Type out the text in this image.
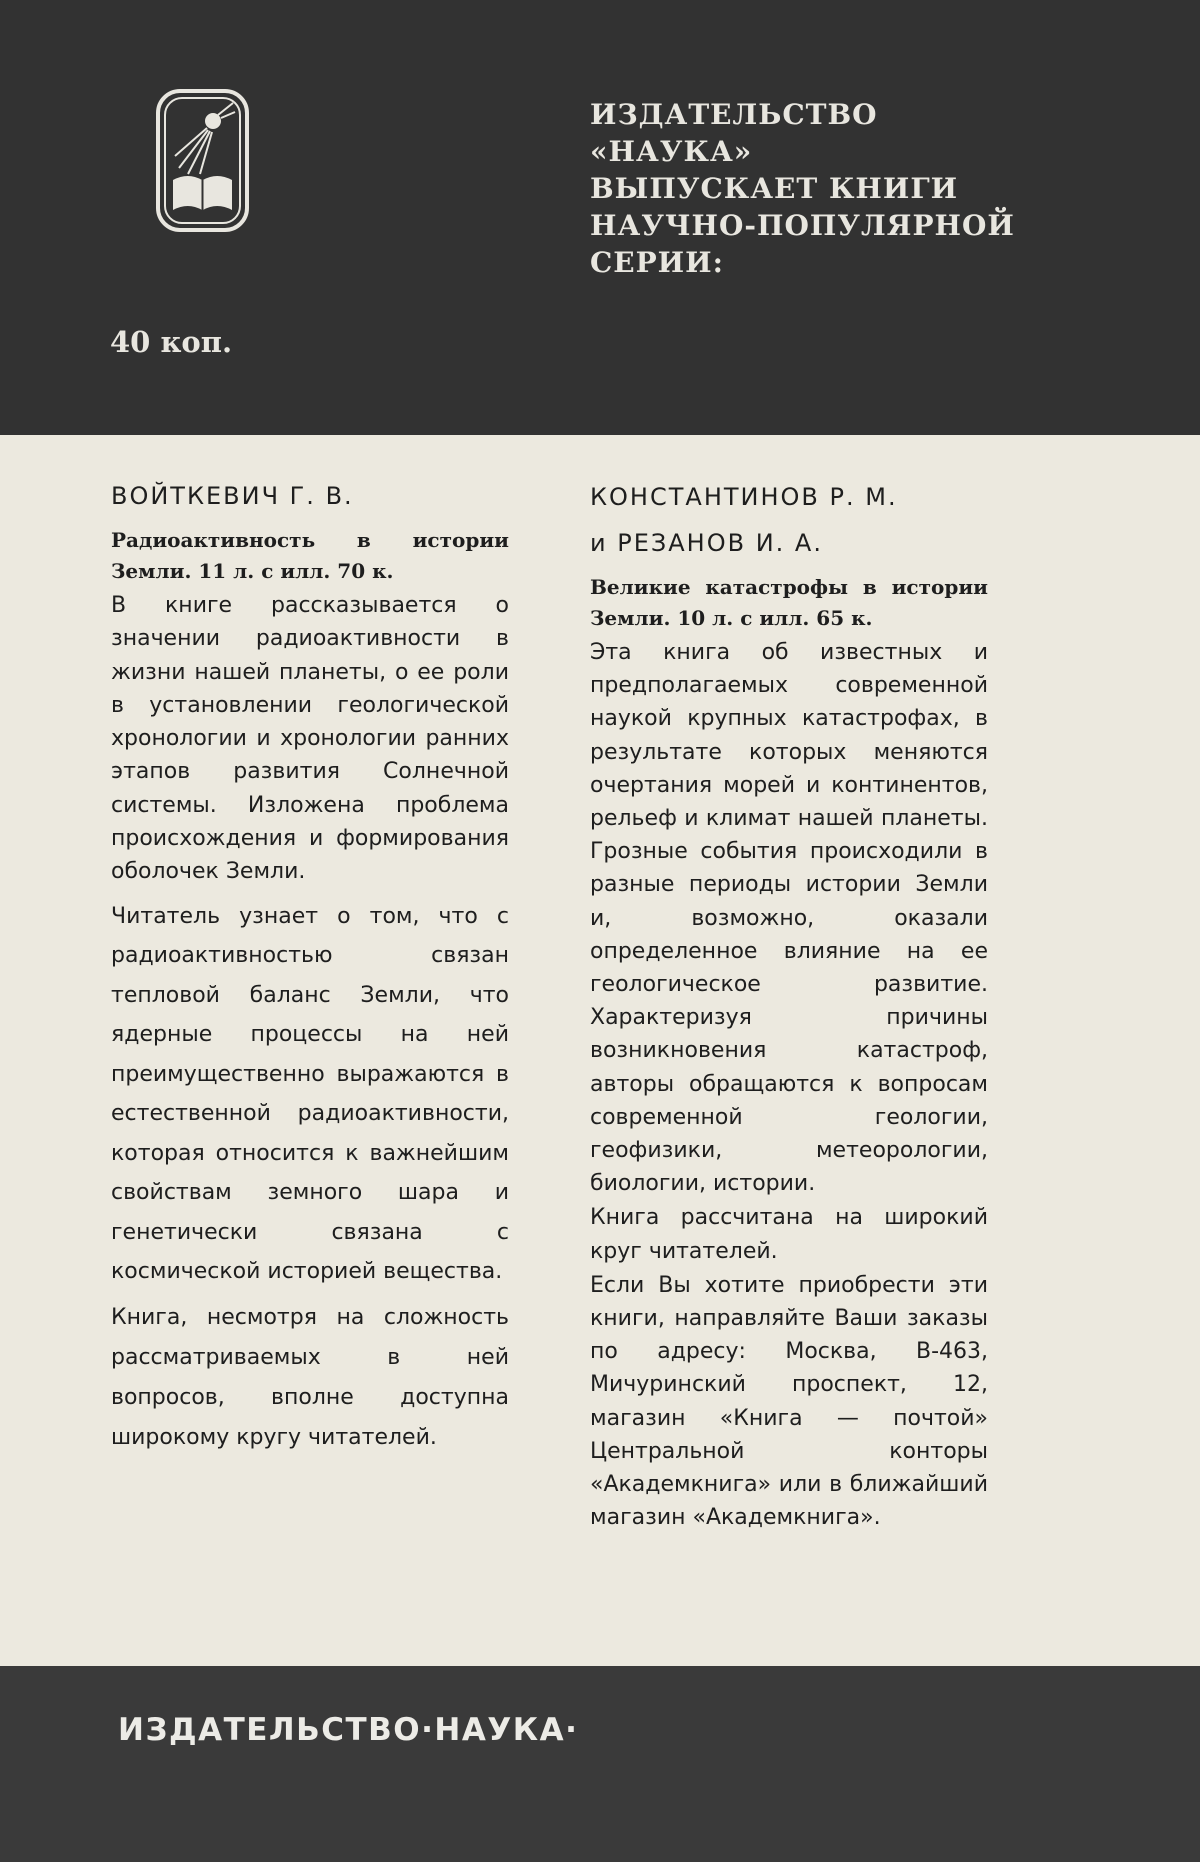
ИЗДАТЕЛЬСТВО
«НАУКА»
ВЫПУСКАЕТ КНИГИ
НАУЧНО-ПОПУЛЯРНОЙ
СЕРИИ:
40 коп.
ВОЙТКЕВИЧ Г. В.
Радиоактивность в истории Земли. 11 л. с илл. 70 к.

В книге рассказывается о значении радиоактивности в жизни нашей планеты, о ее роли в установлении геологической хронологии и хронологии ранних этапов развития Солнечной системы. Изложена проблема происхождения и формирования оболочек Земли.

Читатель узнает о том, что с радиоактивностью связан тепловой баланс Земли, что ядерные процессы на ней преимущественно выражаются в естественной радиоактивности, которая относится к важнейшим свойствам земного шара и генетически связана с космической историей вещества.

Книга, несмотря на сложность рассматриваемых в ней вопросов, вполне доступна широкому кругу читателей.

КОНСТАНТИНОВ Р. М.
и РЕЗАНОВ И. А.
Великие катастрофы в истории Земли. 10 л. с илл. 65 к.

Эта книга об известных и предполагаемых современной наукой крупных катастрофах, в результате которых меняются очертания морей и континентов, рельеф и климат нашей планеты. Грозные события происходили в разные периоды истории Земли и, возможно, оказали определенное влияние на ее геологическое развитие. Характеризуя причины возникновения катастроф, авторы обращаются к вопросам современной геологии, геофизики, метеорологии, биологии, истории.

Книга рассчитана на широкий круг читателей.

Если Вы хотите приобрести эти книги, направляйте Ваши заказы по адресу: Москва, В-463, Мичуринский проспект, 12, магазин «Книга — почтой» Центральной конторы «Академкнига» или в ближайший магазин «Академкнига».

ИЗДАТЕЛЬСТВО·НАУКА·
